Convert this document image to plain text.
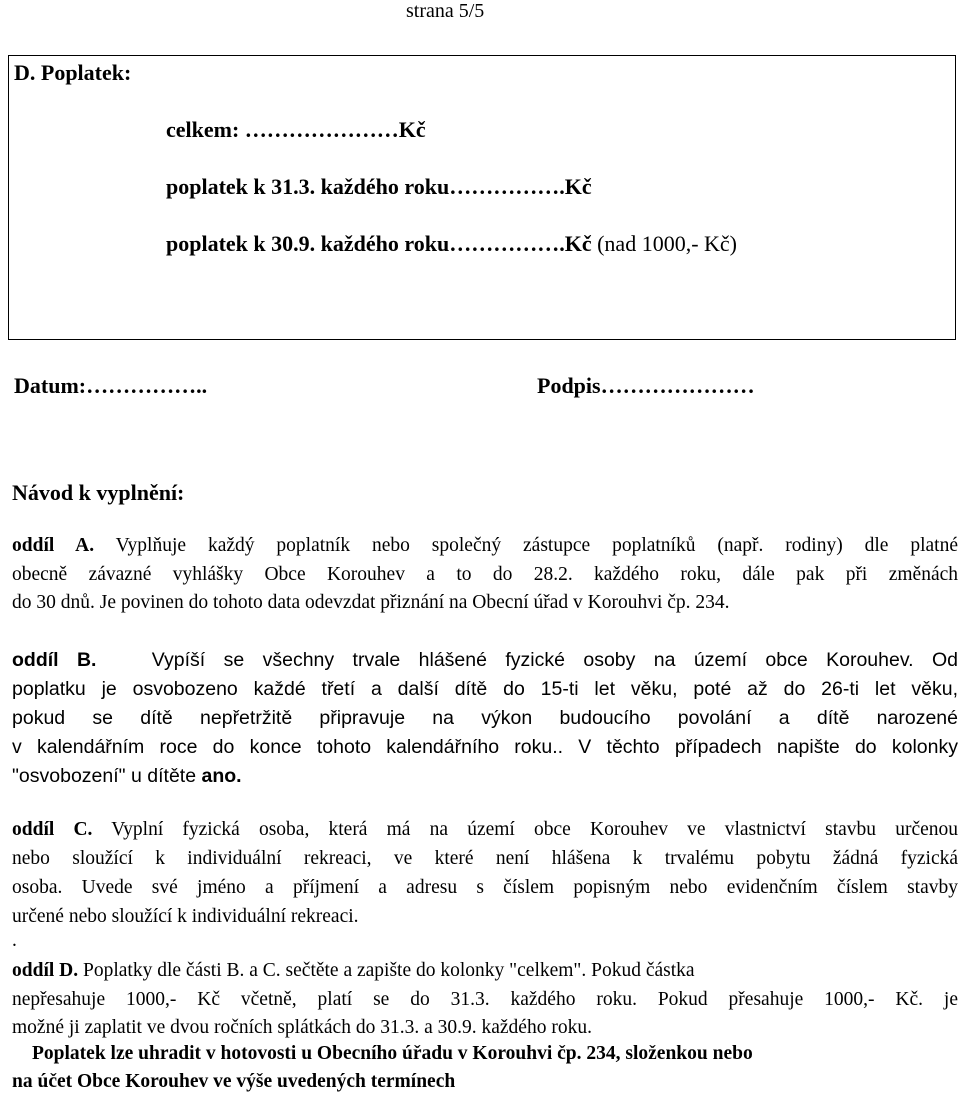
strana 5/5
D. Poplatek:
celkem: …………………Kč
poplatek k 31.3. každého roku…………….Kč
poplatek k 30.9. každého roku…………….Kč (nad 1000,- Kč)
Datum:……………..	Podpis…………………
Návod k vyplnění:
oddíl A. Vyplňuje každý poplatník nebo společný zástupce poplatníků (např. rodiny) dle platné
obecně závazné vyhlášky Obce Korouhev a to do 28.2. každého roku, dále pak při změnách
do 30 dnů. Je povinen do tohoto data odevzdat přiznání na Obecní úřad v Korouhvi čp. 234.
oddíl B.	Vypíší se všechny trvale hlášené fyzické osoby na území obce Korouhev. Od
poplatku je osvobozeno každé třetí a další dítě do 15-ti let věku, poté až do 26-ti let věku,
pokud se dítě nepřetržitě připravuje na výkon budoucího povolání a dítě narozené
v kalendářním roce do konce tohoto kalendářního roku.. V těchto případech napište do kolonky
"osvobození" u dítěte ano.
oddíl C. Vyplní fyzická osoba, která má na území obce Korouhev ve vlastnictví stavbu určenou
nebo sloužící k individuální rekreaci, ve které není hlášena k trvalému pobytu žádná fyzická
osoba. Uvede své jméno a příjmení a adresu s číslem popisným nebo evidenčním číslem stavby
určené nebo sloužící k individuální rekreaci.
.
oddíl D. Poplatky dle části B. a C. sečtěte a zapište do kolonky "celkem". Pokud částka
nepřesahuje 1000,- Kč včetně, platí se do 31.3. každého roku. Pokud přesahuje 1000,- Kč. je
možné ji zaplatit ve dvou ročních splátkách do 31.3. a 30.9. každého roku.
Poplatek lze uhradit v hotovosti u Obecního úřadu v Korouhvi čp. 234, složenkou nebo
na účet Obce Korouhev ve výše uvedených termínech
